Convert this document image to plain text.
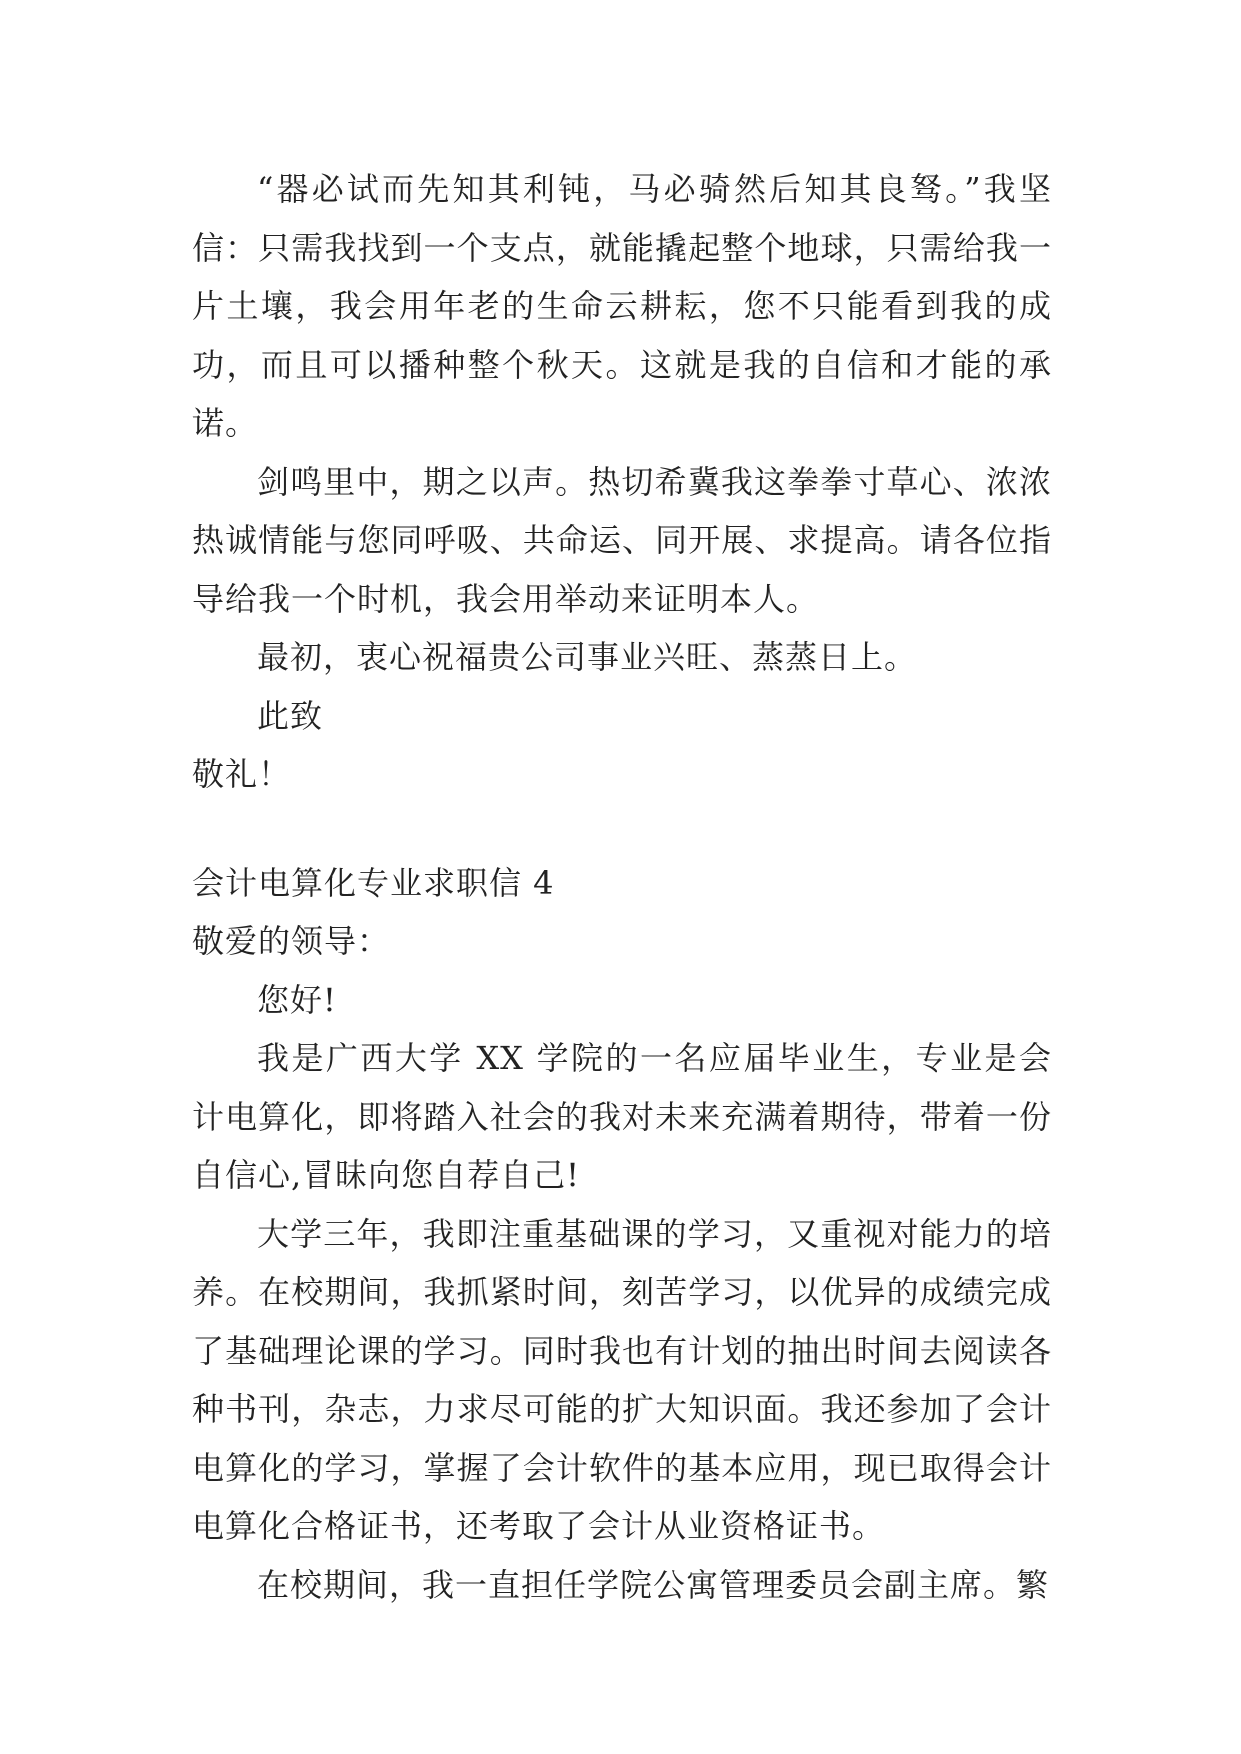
“器必试而先知其利钝，马必骑然后知其良驽。”我坚信：只需我找到一个支点，就能撬起整个地球，只需给我一片土壤，我会用年老的生命云耕耘，您不只能看到我的成功，而且可以播种整个秋天。这就是我的自信和才能的承诺。

剑鸣里中，期之以声。热切希冀我这拳拳寸草心、浓浓热诚情能与您同呼吸、共命运、同开展、求提高。请各位指导给我一个时机，我会用举动来证明本人。

最初，衷心祝福贵公司事业兴旺、蒸蒸日上。

此致

敬礼！

会计电算化专业求职信 4

敬爱的领导：

您好!

我是广西大学 XX 学院的一名应届毕业生，专业是会计电算化，即将踏入社会的我对未来充满着期待，带着一份自信心,冒昧向您自荐自己!

大学三年，我即注重基础课的学习，又重视对能力的培养。在校期间，我抓紧时间，刻苦学习，以优异的成绩完成了基础理论课的学习。同时我也有计划的抽出时间去阅读各种书刊，杂志，力求尽可能的扩大知识面。我还参加了会计电算化的学习，掌握了会计软件的基本应用，现已取得会计电算化合格证书，还考取了会计从业资格证书。

在校期间，我一直担任学院公寓管理委员会副主席。繁
